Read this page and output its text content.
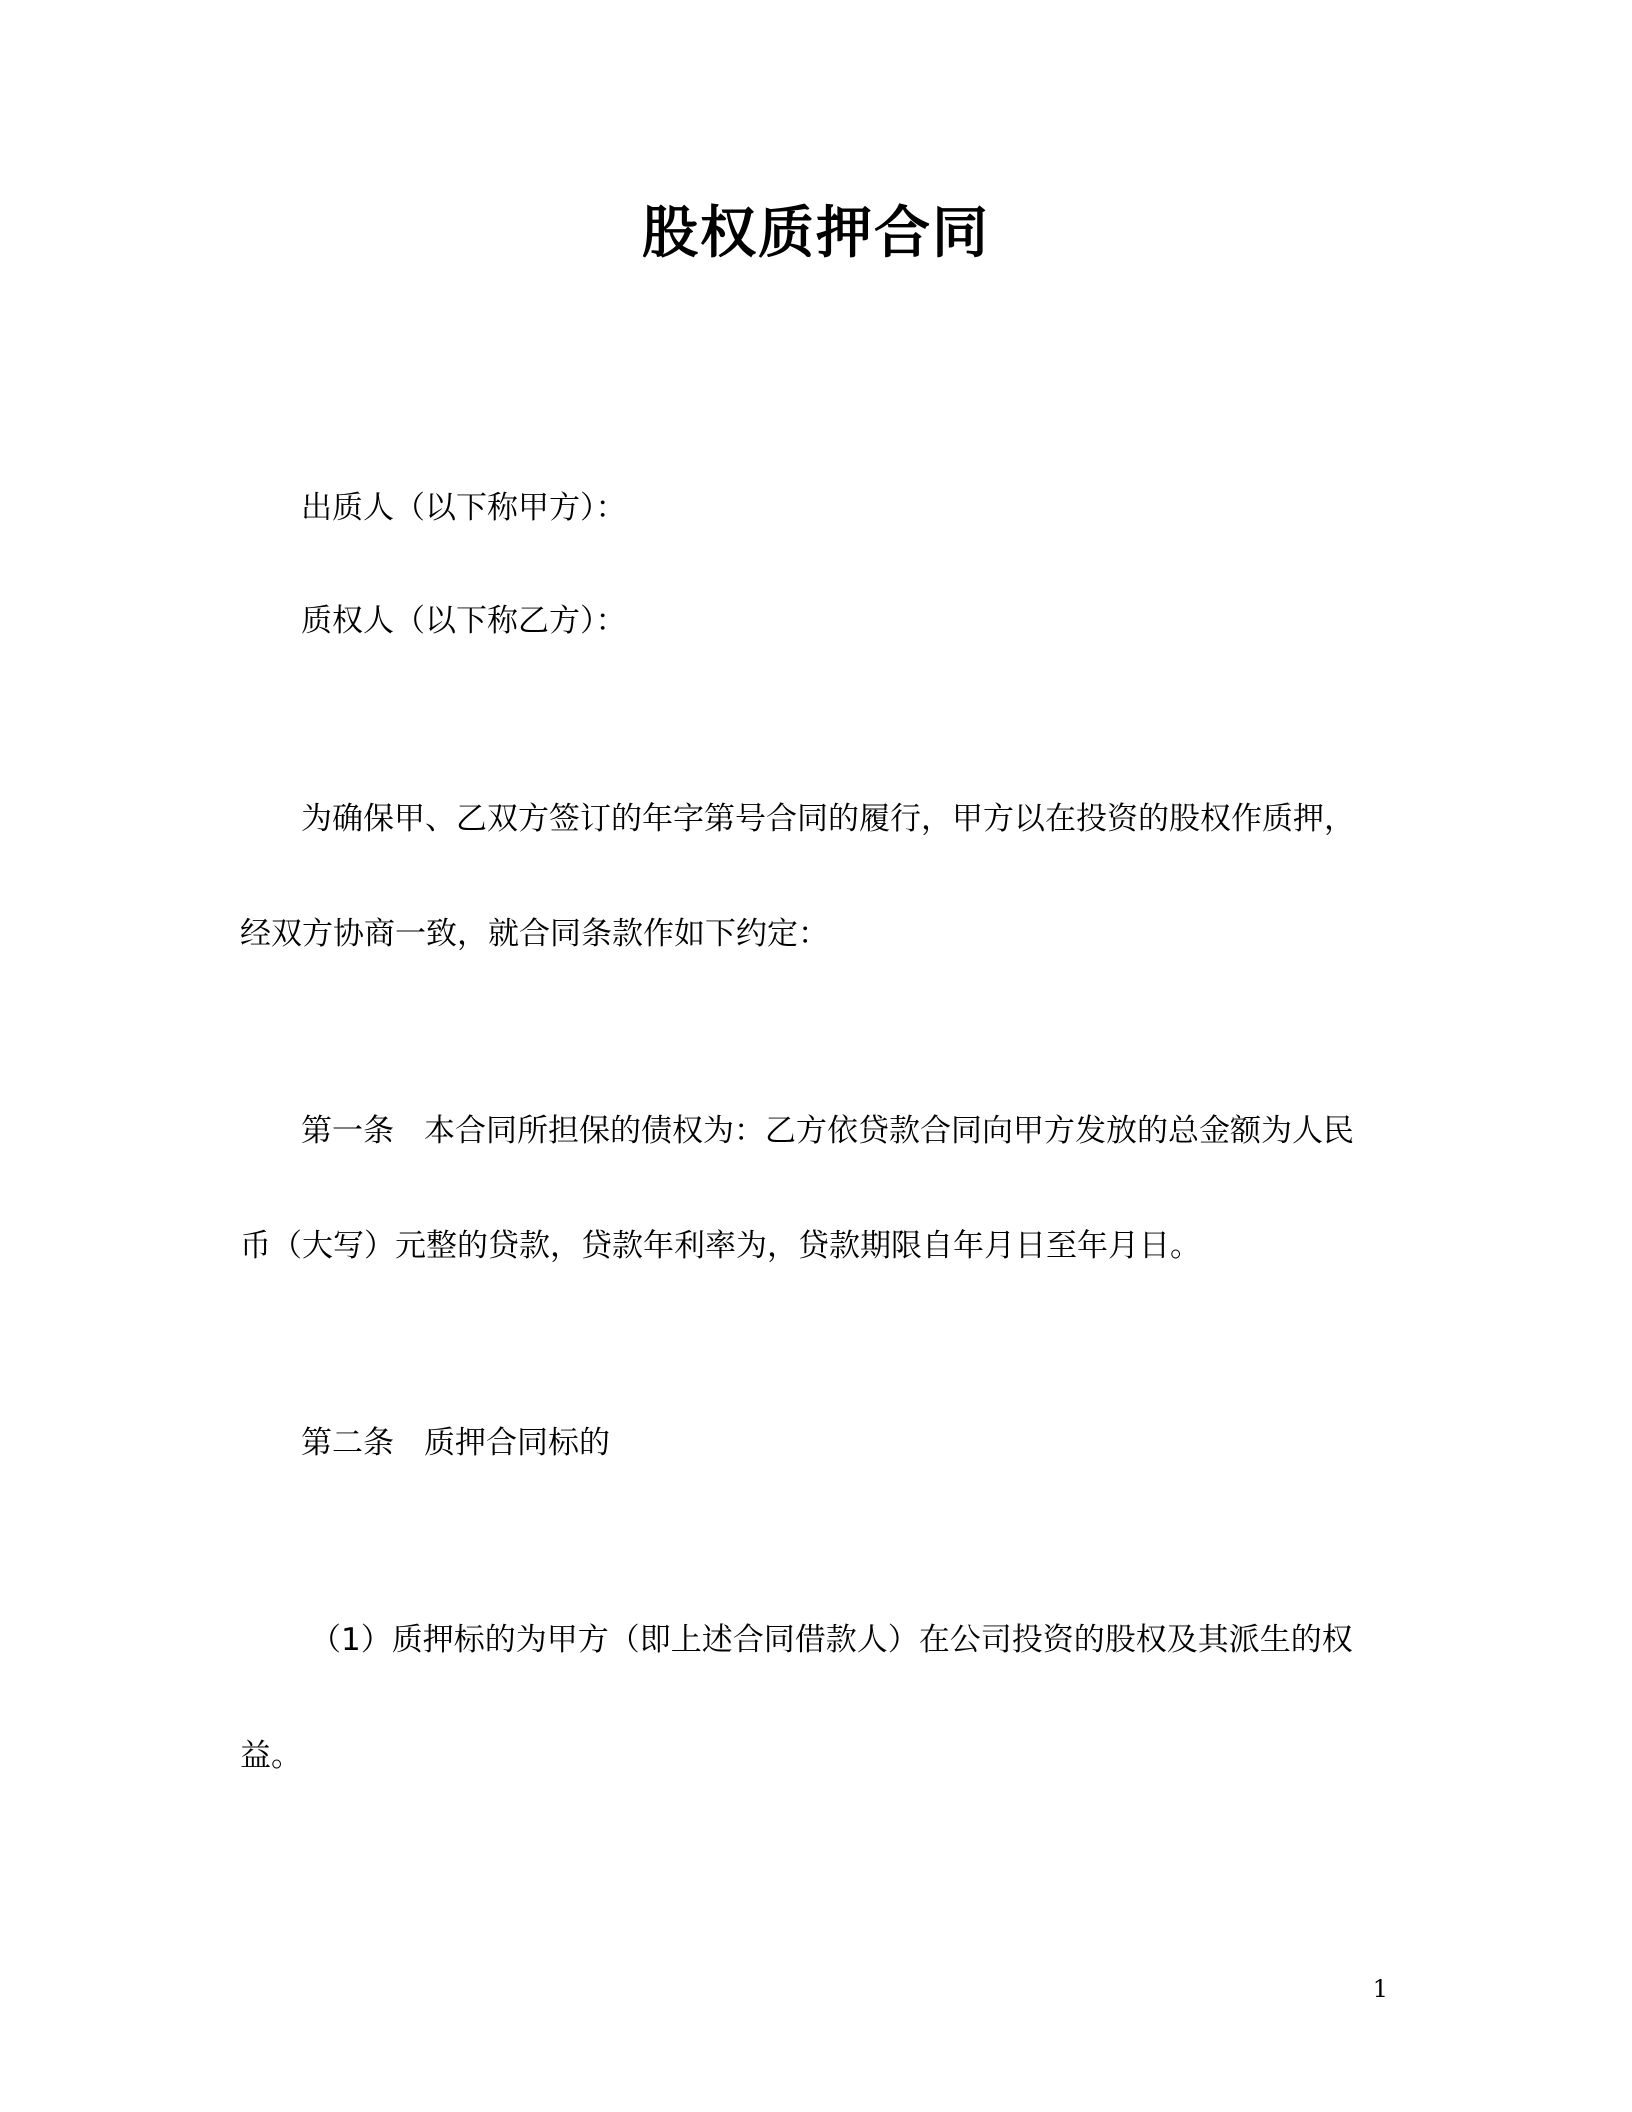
股权质押合同
出质人（以下称甲方）：
质权人（以下称乙方）：
为确保甲、乙双方签订的年字第号合同的履行，甲方以在投资的股权作质押，
经双方协商一致，就合同条款作如下约定：
第一条 本合同所担保的债权为：乙方依贷款合同向甲方发放的总金额为人民
币（大写）元整的贷款，贷款年利率为，贷款期限自年月日至年月日。
第二条 质押合同标的
（1）质押标的为甲方（即上述合同借款人）在公司投资的股权及其派生的权
益。
1
